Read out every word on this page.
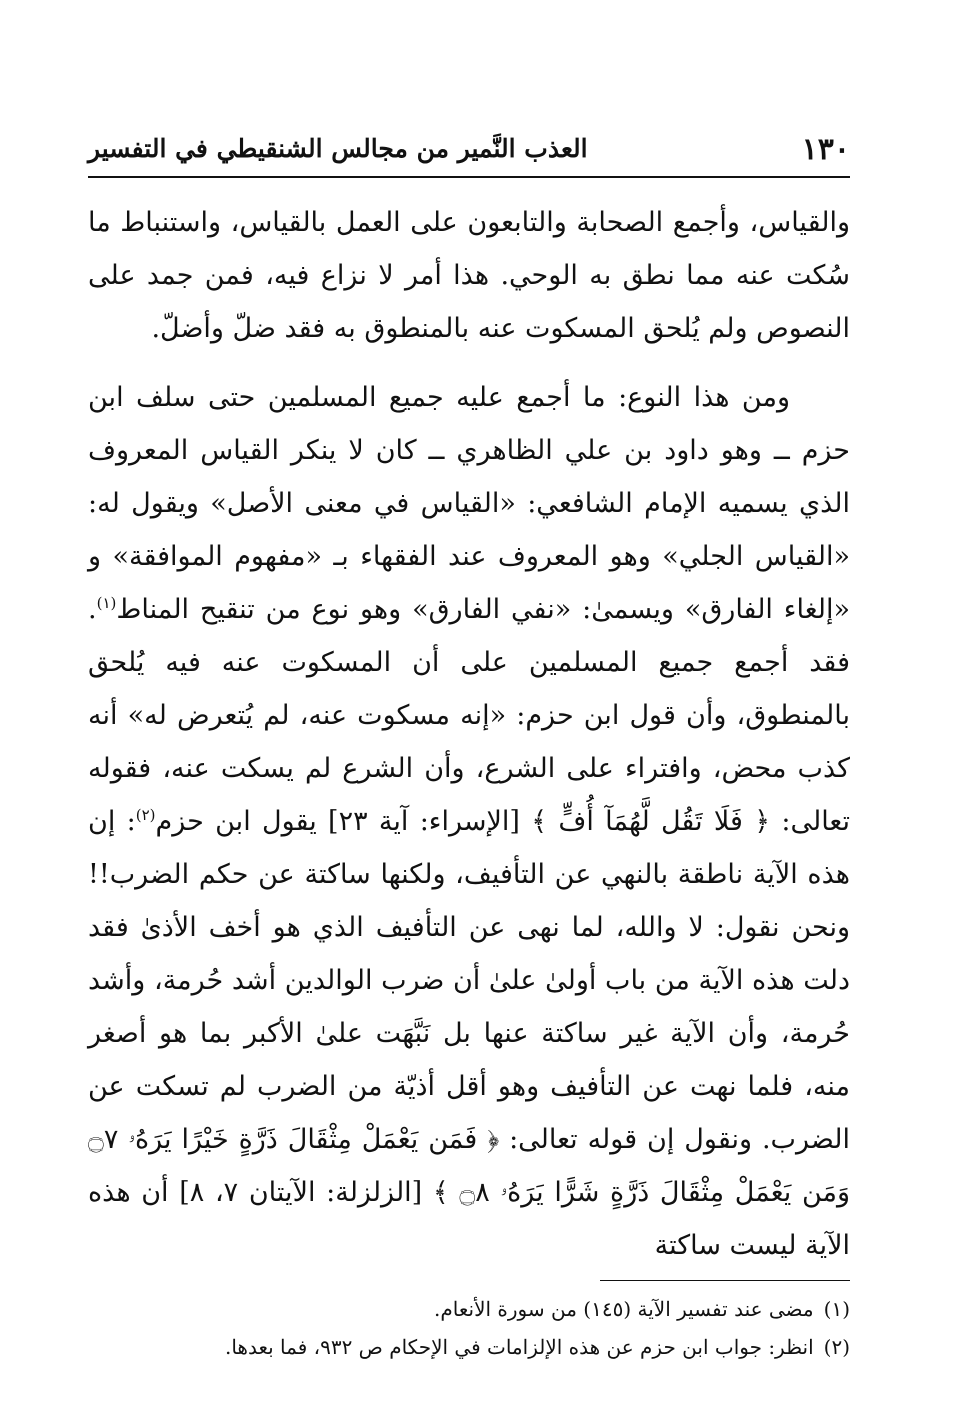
١٣٠
العذب النَّمير من مجالس الشنقيطي في التفسير

والقياس، وأجمع الصحابة والتابعون على العمل بالقياس، واستنباط ما سُكت عنه مما نطق به الوحي. هذا أمر لا نزاع فيه، فمن جمد على النصوص ولم يُلحق المسكوت عنه بالمنطوق به فقد ضلّ وأضلّ.

ومن هذا النوع: ما أجمع عليه جميع المسلمين حتى سلف ابن حزم ــ وهو داود بن علي الظاهري ــ كان لا ينكر القياس المعروف الذي يسميه الإمام الشافعي: «القياس في معنى الأصل» ويقول له: «القياس الجلي» وهو المعروف عند الفقهاء بـ «مفهوم الموافقة» و «إلغاء الفارق» ويسمىٰ: «نفي الفارق» وهو نوع من تنقيح المناط$^{(١)}$. فقد أجمع جميع المسلمين على أن المسكوت عنه فيه يُلحق بالمنطوق، وأن قول ابن حزم: «إنه مسكوت عنه، لم يُتعرض له» أنه كذب محض، وافتراء على الشرع، وأن الشرع لم يسكت عنه، فقوله تعالى: ﴿ فَلَا تَقُل لَّهُمَآ أُفٍّ ﴾ [الإسراء: آية ٢٣] يقول ابن حزم$^{(٢)}$: إن هذه الآية ناطقة بالنهي عن التأفيف، ولكنها ساكتة عن حكم الضرب!! ونحن نقول: لا والله، لما نهى عن التأفيف الذي هو أخف الأذىٰ فقد دلت هذه الآية من باب أولىٰ علىٰ أن ضرب الوالدين أشد حُرمة، وأشد حُرمة، وأن الآية غير ساكتة عنها بل نَبَّهَت علىٰ الأكبر بما هو أصغر منه، فلما نهت عن التأفيف وهو أقل أذيّة من الضرب لم تسكت عن الضرب. ونقول إن قوله تعالى: ﴿ فَمَن يَعْمَلْ مِثْقَالَ ذَرَّةٍ خَيْرًا يَرَهُۥ ۝٧ وَمَن يَعْمَلْ مِثْقَالَ ذَرَّةٍ شَرًّا يَرَهُۥ ۝٨ ﴾ [الزلزلة: الآيتان ٧، ٨] أن هذه الآية ليست ساكتة

(١)مضى عند تفسير الآية (١٤٥) من سورة الأنعام.

(٢)انظر: جواب ابن حزم عن هذه الإلزامات في الإحكام ص ٩٣٢، فما بعدها.
